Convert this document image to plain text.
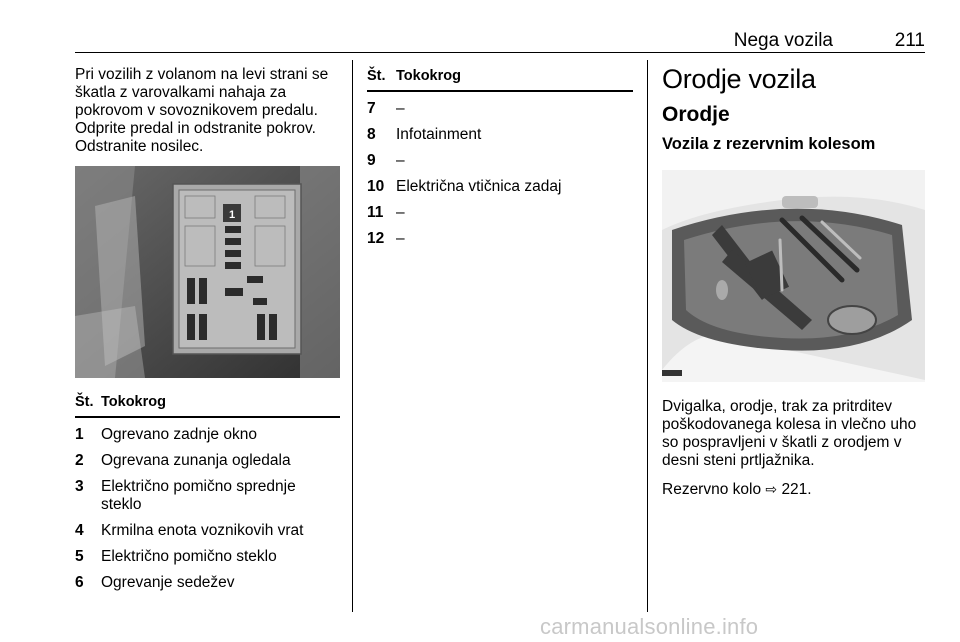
Nega vozila	211

Pri vozilih z volanom na levi strani se škatla z varovalkami nahaja za pokrovom v sovoznikovem predalu. Odprite predal in odstranite pokrov. Odstranite nosilec.

1
Št.	Tokokrog
1	Ogrevano zadnje okno
2	Ogrevana zunanja ogledala
3	Električno pomično sprednje steklo
4	Krmilna enota voznikovih vrat
5	Električno pomično steklo
6	Ogrevanje sedežev
Št.	Tokokrog
7	–
8	Infotainment
9	–
10	Električna vtičnica zadaj
11	–
12	–
Orodje vozila
Orodje
Vozila z rezervnim kolesom

Dvigalka, orodje, trak za pritrditev poškodovanega kolesa in vlečno uho so pospravljeni v škatli z orodjem v desni steni prtljažnika.

Rezervno kolo ⇨ 221.

carmanualsonline.info
